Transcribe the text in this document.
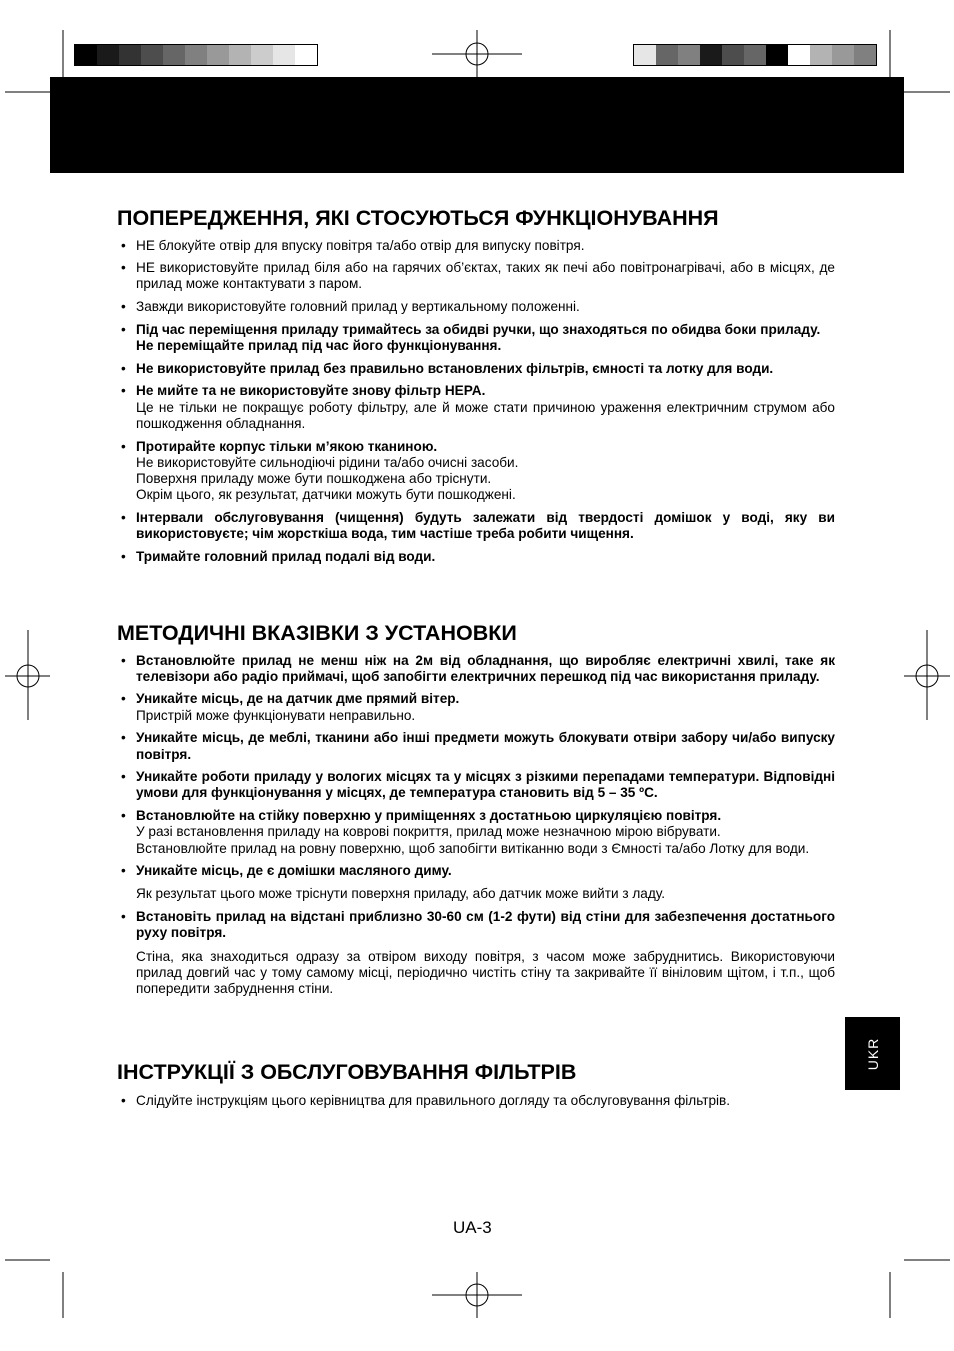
ПОПЕРЕДЖЕННЯ, ЯКІ СТОСУЮТЬСЯ ФУНКЦІОНУВАННЯ
• НЕ блокуйте отвір для впуску повітря та/або отвір для випуску повітря.
• НЕ використовуйте прилад біля або на гарячих об’єктах, таких як печі або повітронагрівачі, або в місцях, де прилад може контактувати з паром.
• Завжди використовуйте головний прилад у вертикальному положенні.
• Під час переміщення приладу тримайтесь за обидві ручки, що знаходяться по обидва боки приладу.
Не переміщайте прилад під час його функціонування.
• Не використовуйте прилад без правильно встановлених фільтрів, ємності та лотку для води.
• Не мийте та не використовуйте знову фільтр HEPA.
Це не тільки не покращує роботу фільтру, але й може стати причиною ураження електричним струмом або пошкодження обладнання.
• Протирайте корпус тільки м’якою тканиною.
Не використовуйте сильнодіючі рідини та/або очисні засоби.
Поверхня приладу може бути пошкоджена або тріснути.
Окрім цього, як результат, датчики можуть бути пошкоджені.
• Інтервали обслуговування (чищення) будуть залежати від твердості домішок у воді, яку ви використовуєте; чім жорсткіша вода, тим частіше треба робити чищення.
• Тримайте головний прилад подалі від води.
МЕТОДИЧНІ ВКАЗІВКИ З УСТАНОВКИ
• Встановлюйте прилад не менш ніж на 2м від обладнання, що виробляє електричні хвилі, таке як телевізори або радіо приймачі, щоб запобігти електричних перешкод під час використання приладу.
• Уникайте місць, де на датчик дме прямий вітер.
Пристрій може функціонувати неправильно.
• Уникайте місць, де меблі, тканини або інші предмети можуть блокувати отвіри забору чи/або випуску повітря.
• Уникайте роботи приладу у вологих місцях та у місцях з різкими перепадами температури. Відповідні умови для функціонування у місцях, де температура становить від 5 – 35 ºC.
• Встановлюйте на стійку поверхню у приміщеннях з достатньою циркуляцією повітря.
У разі встановлення приладу на коврові покриття, прилад може незначною мірою вібрувати.
Встановлюйте прилад на ровну поверхню, щоб запобігти витіканню води з Ємності та/або Лотку для води.
• Уникайте місць, де є домішки масляного диму.
Як результат цього може тріснути поверхня приладу, або датчик може вийти з ладу.
• Встановіть прилад на відстані приблизно 30-60 см (1-2 фути) від стіни для забезпечення достатнього руху повітря.
Стіна, яка знаходиться одразу за отвіром виходу повітря, з часом може забруднитись. Використовуючи прилад довгий час у тому самому місці, періодично чистіть стіну та закривайте її вініловим щітом, і т.п., щоб попередити забруднення стіни.
ІНСТРУКЦІЇ З ОБСЛУГОВУВАННЯ ФІЛЬТРІВ
• Слідуйте інструкціям цього керівництва для правильного догляду та обслуговування фільтрів.
UKR
UA-3
